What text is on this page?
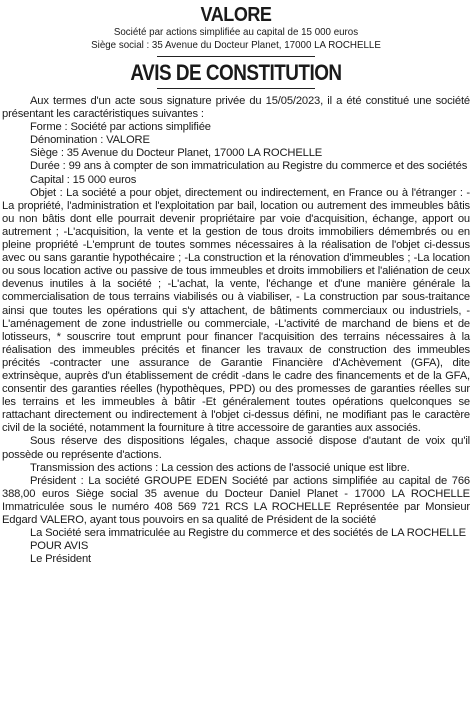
VALORE
Société par actions simplifiée au capital de 15 000 euros
Siège social : 35 Avenue du Docteur Planet, 17000 LA ROCHELLE
AVIS DE CONSTITUTION

Aux termes d'un acte sous signature privée du 15/05/2023, il a été constitué une société présentant les caractéristiques suivantes :

Forme : Société par actions simplifiée

Dénomination : VALORE

Siège : 35 Avenue du Docteur Planet, 17000 LA ROCHELLE

Durée : 99 ans à compter de son immatriculation au Registre du commerce et des sociétés

Capital : 15 000 euros

Objet : La société a pour objet, directement ou indirectement, en France ou à l'étranger : -La propriété, l'administration et l'exploitation par bail, location ou autrement des immeubles bâtis ou non bâtis dont elle pourrait devenir propriétaire par voie d'acquisition, échange, apport ou autrement ; -L'acquisition, la vente et la gestion de tous droits immobiliers démembrés ou en pleine propriété -L'emprunt de toutes sommes nécessaires à la réalisation de l'objet ci-dessus avec ou sans garantie hypothécaire ; -La construction et la rénovation d'immeubles ; -La location ou sous location active ou passive de tous immeubles et droits immobiliers et l'aliénation de ceux devenus inutiles à la société ; -L'achat, la vente, l'échange et d'une manière générale la commercialisation de tous terrains viabilisés ou à viabiliser, - La construction par sous-traitance ainsi que toutes les opérations qui s'y attachent, de bâtiments commerciaux ou industriels, -L'aménagement de zone industrielle ou commerciale, -L'activité de marchand de biens et de lotisseurs, * souscrire tout emprunt pour financer l'acquisition des terrains nécessaires à la réalisation des immeubles précités et financer les travaux de construction des immeubles précités -contracter une assurance de Garantie Financière d'Achèvement (GFA), dite extrinsèque, auprès d'un établissement de crédit -dans le cadre des financements et de la GFA, consentir des garanties réelles (hypothèques, PPD) ou des promesses de garanties réelles sur les terrains et les immeubles à bâtir -Et généralement toutes opérations quelconques se rattachant directement ou indirectement à l'objet ci-dessus défini, ne modifiant pas le caractère civil de la société, notamment la fourniture à titre accessoire de garanties aux associés.

Sous réserve des dispositions légales, chaque associé dispose d'autant de voix qu'il possède ou représente d'actions.

Transmission des actions : La cession des actions de l'associé unique est libre.

Président : La société GROUPE EDEN Société par actions simplifiée au capital de 766 388,00 euros Siège social 35 avenue du Docteur Daniel Planet - 17000 LA ROCHELLE Immatriculée sous le numéro 408 569 721 RCS LA ROCHELLE Représentée par Monsieur Edgard VALERO, ayant tous pouvoirs en sa qualité de Président de la société

La Société sera immatriculée au Registre du commerce et des sociétés de LA ROCHELLE

POUR AVIS

Le Président
